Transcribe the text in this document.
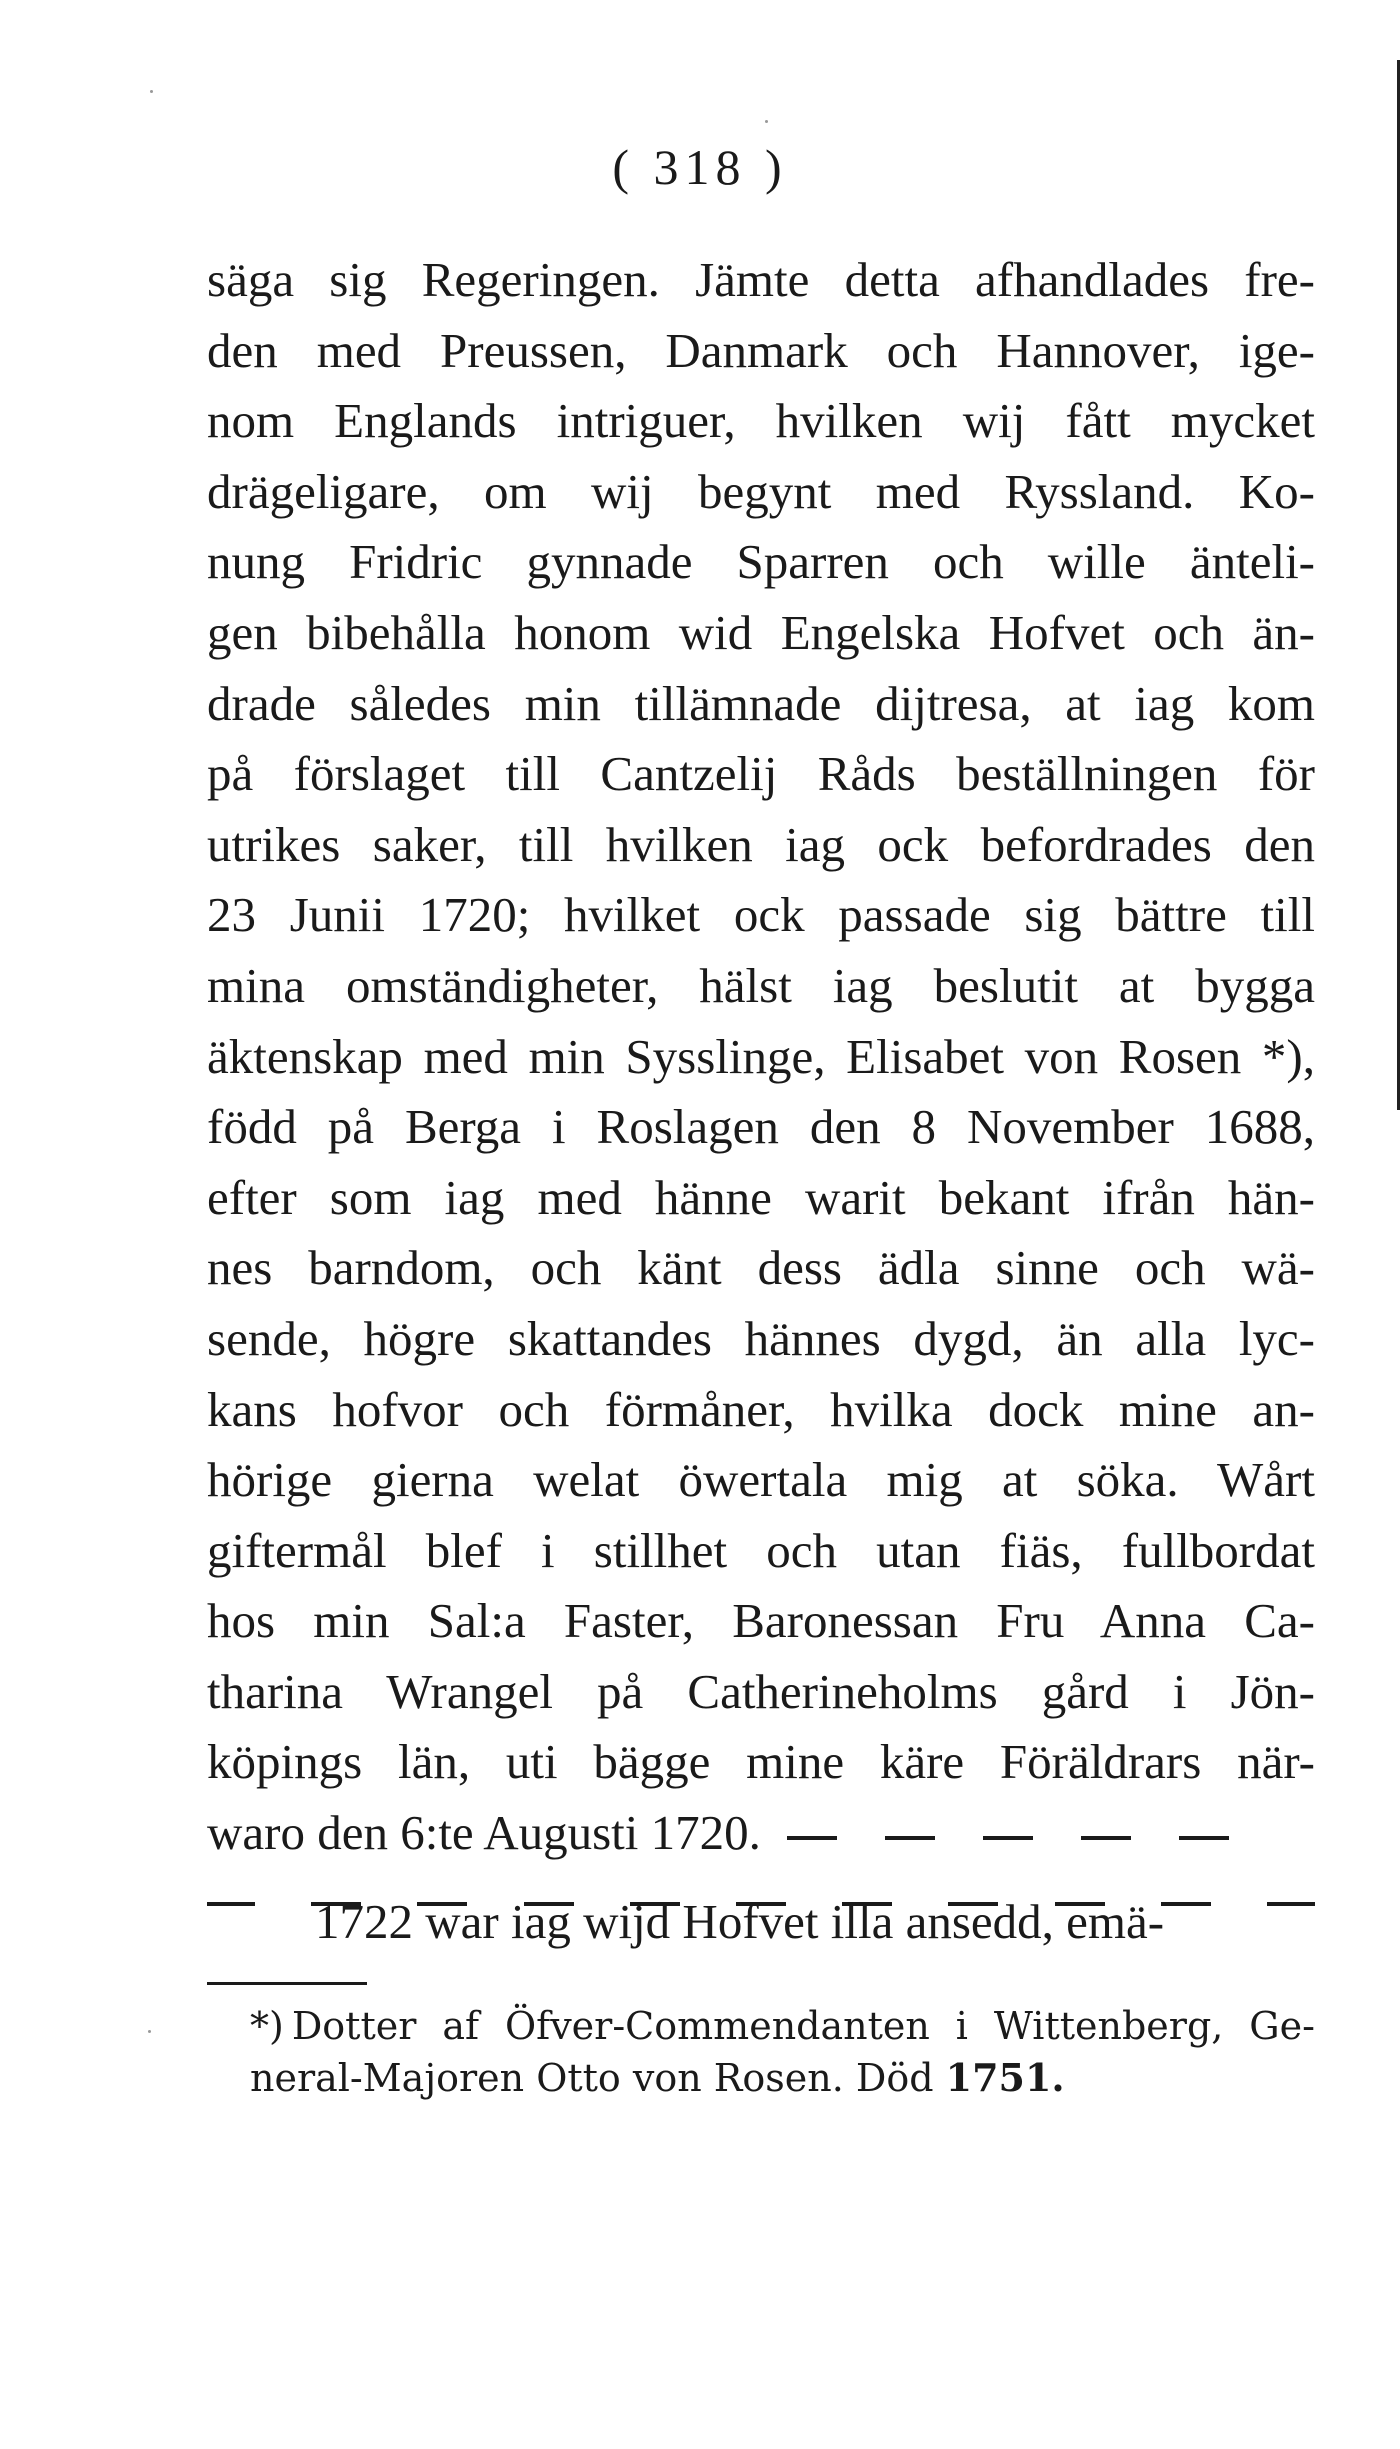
( 318 )
säga sig Regeringen. Jämte detta afhandlades fre-
den med Preussen, Danmark och Hannover, ige-
nom Englands intriguer, hvilken wij fått mycket
drägeligare, om wij begynt med Ryssland. Ko-
nung Fridric gynnade Sparren och wille änteli-
gen bibehålla honom wid Engelska Hofvet och än-
drade således min tillämnade dijtresa, at iag kom
på förslaget till Cantzelij Råds beställningen för
utrikes saker, till hvilken iag ock befordrades den
23 Junii 1720; hvilket ock passade sig bättre till
mina omständigheter, hälst iag beslutit at bygga
äktenskap med min Sysslinge, Elisabet von Rosen *),
född på Berga i Roslagen den 8 November 1688,
efter som iag med hänne warit bekant ifrån hän-
nes barndom, och känt dess ädla sinne och wä-
sende, högre skattandes hännes dygd, än alla lyc-
kans hofvor och förmåner, hvilka dock mine an-
hörige gierna welat öwertala mig at söka. Wårt
giftermål blef i stillhet och utan fiäs, fullbordat
hos min Sal:a Faster, Baronessan Fru Anna Ca-
tharina Wrangel på Catherineholms gård i Jön-
köpings län, uti bägge mine käre Föräldrars när-
waro den 6:te Augusti 1720.
1722 war iag wijd Hofvet illa ansedd, emä-
*) Dotter af Öfver-Commendanten i Wittenberg, Ge-
neral-Majoren Otto von Rosen. Död 1751.
